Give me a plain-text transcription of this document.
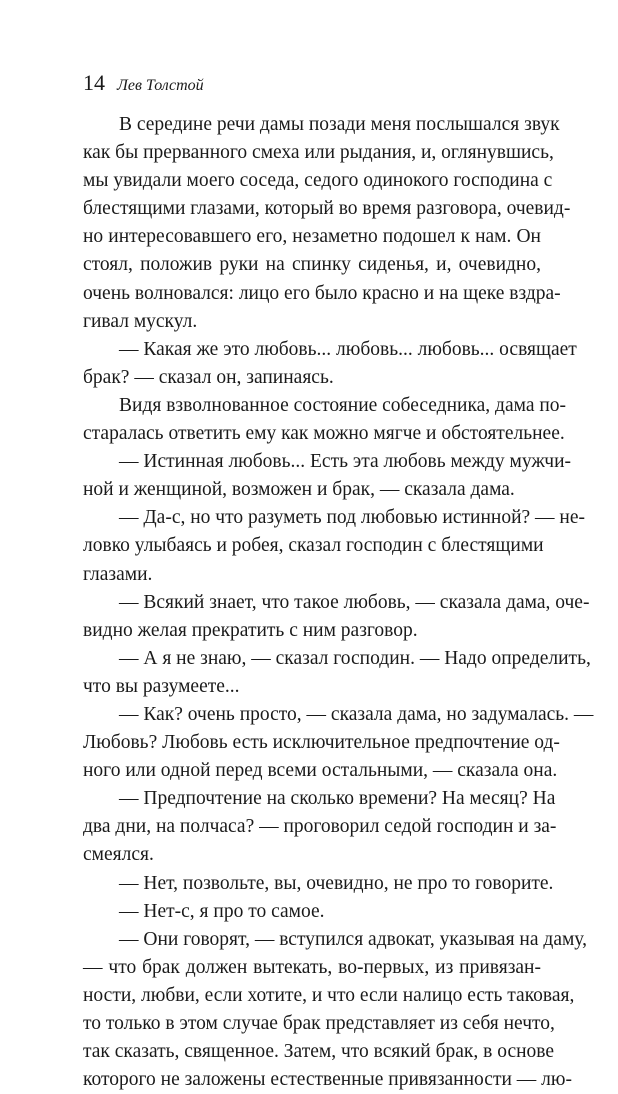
14 Лев Толстой
В середине речи дамы позади меня послышался звук
как бы прерванного смеха или рыдания, и, оглянувшись,
мы увидали моего соседа, седого одинокого господина с
блестящими глазами, который во время разговора, очевид-
но интересовавшего его, незаметно подошел к нам. Он
стоял, положив руки на спинку сиденья, и, очевидно,
очень волновался: лицо его было красно и на щеке вздра-
гивал мускул.
— Какая же это любовь... любовь... любовь... освящает
брак? — сказал он, запинаясь.
Видя взволнованное состояние собеседника, дама по-
старалась ответить ему как можно мягче и обстоятельнее.
— Истинная любовь... Есть эта любовь между мужчи-
ной и женщиной, возможен и брак, — сказала дама.
— Да-с, но что разуметь под любовью истинной? — не-
ловко улыбаясь и робея, сказал господин с блестящими
глазами.
— Всякий знает, что такое любовь, — сказала дама, оче-
видно желая прекратить с ним разговор.
— А я не знаю, — сказал господин. — Надо определить,
что вы разумеете...
— Как? очень просто, — сказала дама, но задумалась. —
Любовь? Любовь есть исключительное предпочтение од-
ного или одной перед всеми остальными, — сказала она.
— Предпочтение на сколько времени? На месяц? На
два дни, на полчаса? — проговорил седой господин и за-
смеялся.
— Нет, позвольте, вы, очевидно, не про то говорите.
— Нет-с, я про то самое.
— Они говорят, — вступился адвокат, указывая на даму,
— что брак должен вытекать, во-первых, из привязан-
ности, любви, если хотите, и что если налицо есть таковая,
то только в этом случае брак представляет из себя нечто,
так сказать, священное. Затем, что всякий брак, в основе
которого не заложены естественные привязанности — лю-
